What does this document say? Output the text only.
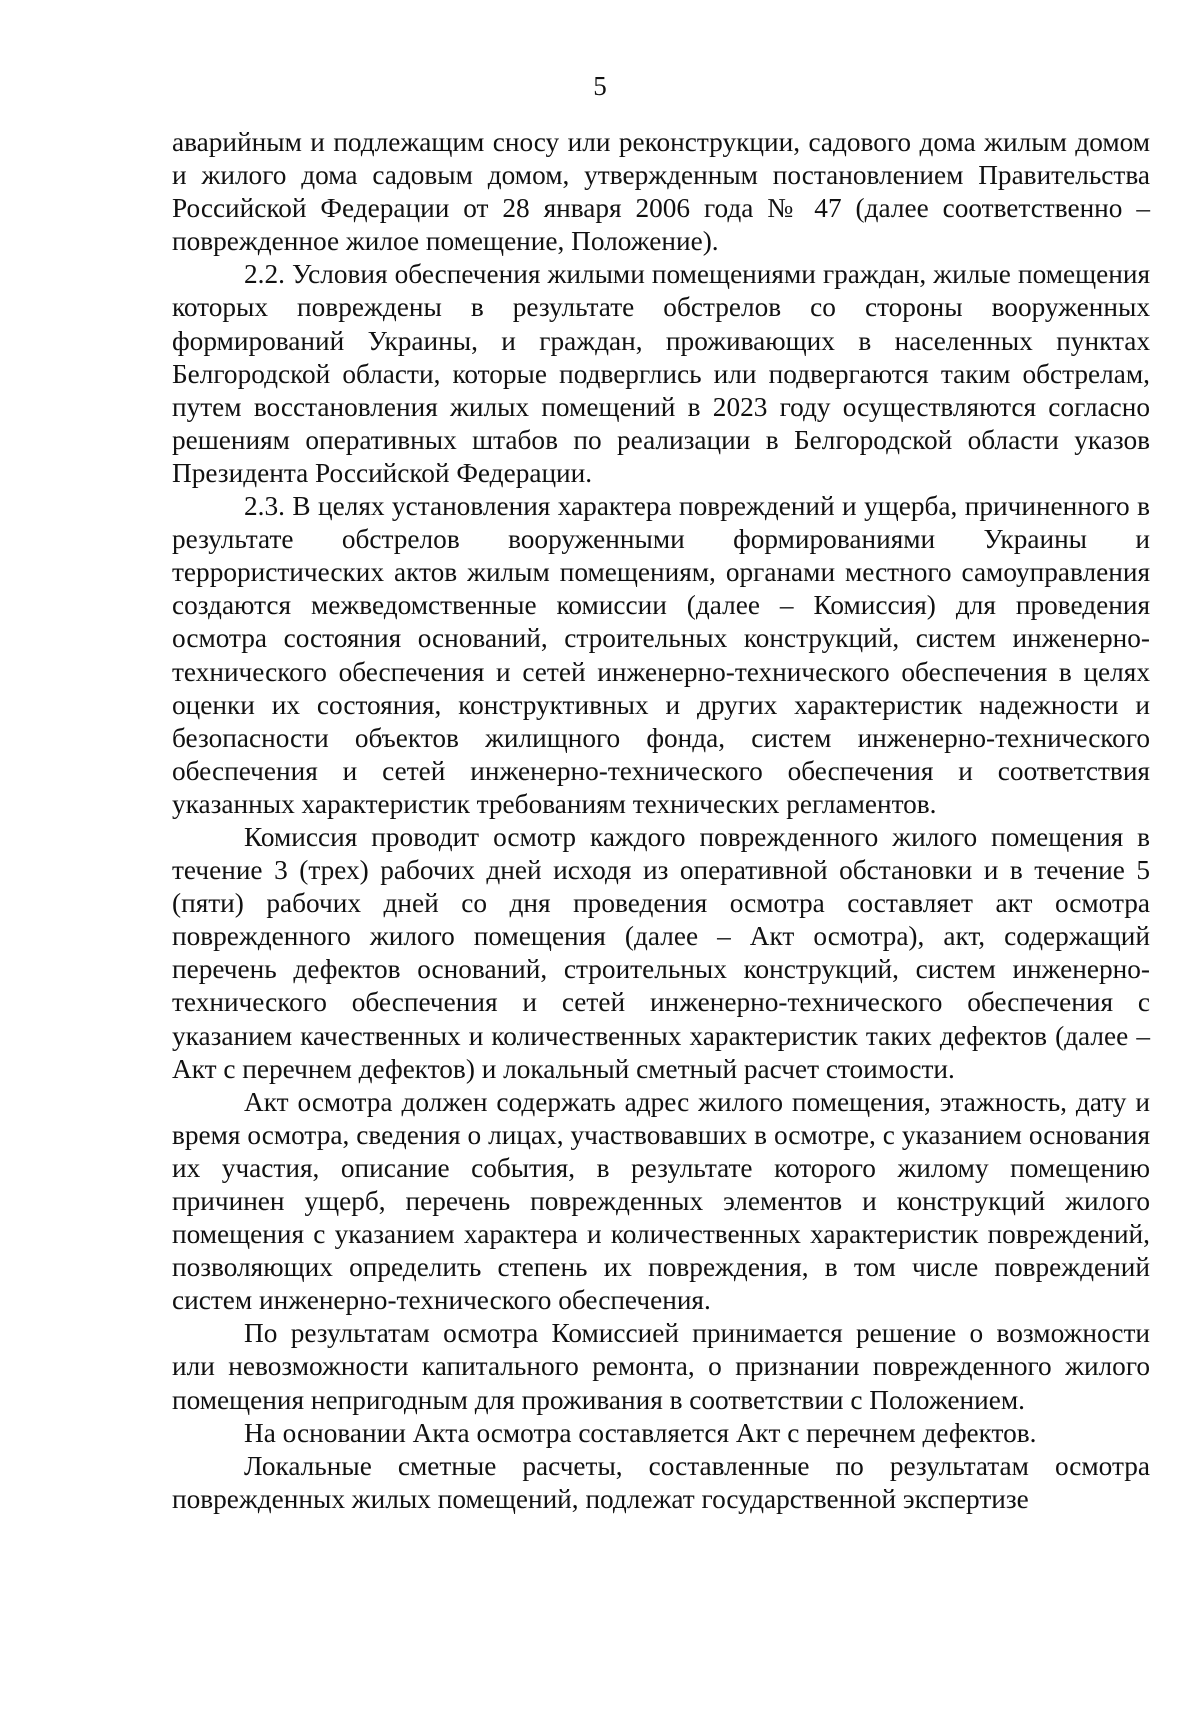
5

аварийным и подлежащим сносу или реконструкции, садового дома жилым домом и жилого дома садовым домом, утвержденным постановлением Правительства Российской Федерации от 28 января 2006 года № 47 (далее соответственно – поврежденное жилое помещение, Положение).

2.2. Условия обеспечения жилыми помещениями граждан, жилые помещения которых повреждены в результате обстрелов со стороны вооруженных формирований Украины, и граждан, проживающих в населенных пунктах Белгородской области, которые подверглись или подвергаются таким обстрелам, путем восстановления жилых помещений в 2023 году осуществляются согласно решениям оперативных штабов по реализации в Белгородской области указов Президента Российской Федерации.

2.3. В целях установления характера повреждений и ущерба, причиненного в результате обстрелов вооруженными формированиями Украины и террористических актов жилым помещениям, органами местного самоуправления создаются межведомственные комиссии (далее – Комиссия) для проведения осмотра состояния оснований, строительных конструкций, систем инженерно-технического обеспечения и сетей инженерно-технического обеспечения в целях оценки их состояния, конструктивных и других характеристик надежности и безопасности объектов жилищного фонда, систем инженерно-технического обеспечения и сетей инженерно-технического обеспечения и соответствия указанных характеристик требованиям технических регламентов.

Комиссия проводит осмотр каждого поврежденного жилого помещения в течение 3 (трех) рабочих дней исходя из оперативной обстановки и в течение 5 (пяти) рабочих дней со дня проведения осмотра составляет акт осмотра поврежденного жилого помещения (далее – Акт осмотра), акт, содержащий перечень дефектов оснований, строительных конструкций, систем инженерно-технического обеспечения и сетей инженерно-технического обеспечения с указанием качественных и количественных характеристик таких дефектов (далее – Акт с перечнем дефектов) и локальный сметный расчет стоимости.

Акт осмотра должен содержать адрес жилого помещения, этажность, дату и время осмотра, сведения о лицах, участвовавших в осмотре, с указанием основания их участия, описание события, в результате которого жилому помещению причинен ущерб, перечень поврежденных элементов и конструкций жилого помещения с указанием характера и количественных характеристик повреждений, позволяющих определить степень их повреждения, в том числе повреждений систем инженерно-технического обеспечения.

По результатам осмотра Комиссией принимается решение о возможности или невозможности капитального ремонта, о признании поврежденного жилого помещения непригодным для проживания в соответствии с Положением.

На основании Акта осмотра составляется Акт с перечнем дефектов.

Локальные сметные расчеты, составленные по результатам осмотра поврежденных жилых помещений, подлежат государственной экспертизе
